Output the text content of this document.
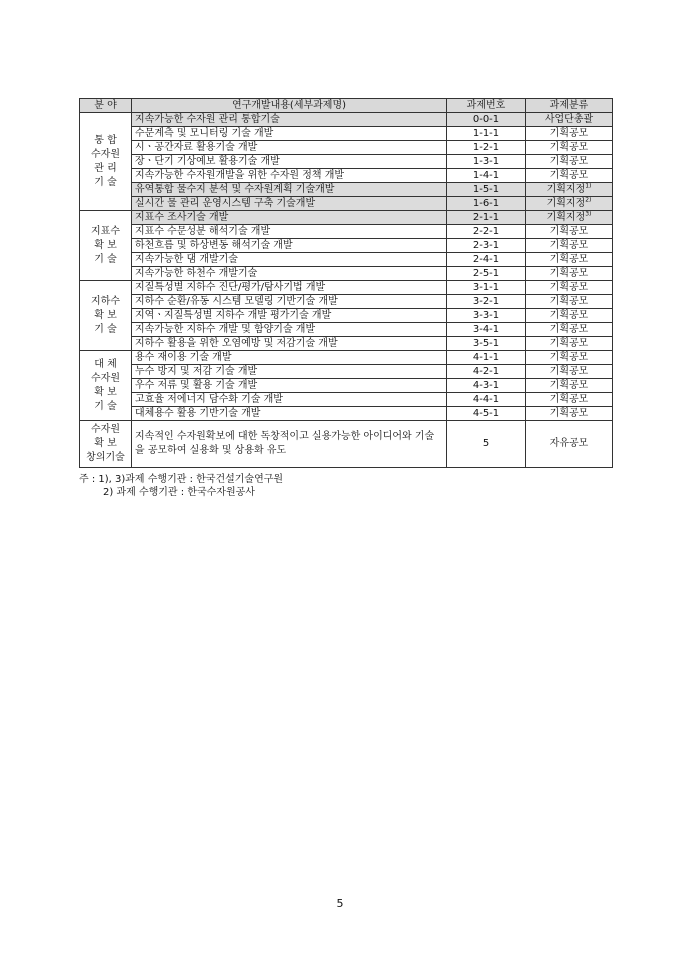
분 야	연구개발내용(세부과제명)	과제번호	과제분류
통 합
수자원
관 리
기 술	지속가능한 수자원 관리 통합기술	0-0-1	사업단총괄
	수문계측 및 모니터링 기술 개발	1-1-1	기획공모
	시ㆍ공간자료 활용기술 개발	1-2-1	기획공모
	장ㆍ단기 기상예보 활용기술 개발	1-3-1	기획공모
	지속가능한 수자원개발을 위한 수자원 정책 개발	1-4-1	기획공모
	유역통합 물수지 분석 및 수자원계획 기술개발	1-5-1	기획지정$^{1)}$
	실시간 물 관리 운영시스템 구축 기술개발	1-6-1	기획지정$^{2)}$
지표수
확 보
기 술	지표수 조사기술 개발	2-1-1	기획지정$^{3)}$
	지표수 수문성분 해석기술 개발	2-2-1	기획공모
	하천흐름 및 하상변동 해석기술 개발	2-3-1	기획공모
	지속가능한 댐 개발기술	2-4-1	기획공모
	지속가능한 하천수 개발기술	2-5-1	기획공모
지하수
확 보
기 술	지질특성별 지하수 진단/평가/탐사기법 개발	3-1-1	기획공모
	지하수 순환/유동 시스템 모델링 기반기술 개발	3-2-1	기획공모
	지역ㆍ지질특성별 지하수 개발 평가기술 개발	3-3-1	기획공모
	지속가능한 지하수 개발 및 함양기술 개발	3-4-1	기획공모
	지하수 활용을 위한 오염예방 및 저감기술 개발	3-5-1	기획공모
대 체
수자원
확 보
기 술	용수 재이용 기술 개발	4-1-1	기획공모
	누수 방지 및 저감 기술 개발	4-2-1	기획공모
	우수 저류 및 활용 기술 개발	4-3-1	기획공모
	고효율 저에너지 담수화 기술 개발	4-4-1	기획공모
	대체용수 활용 기반기술 개발	4-5-1	기획공모
수자원
확 보
창의기술	지속적인 수자원확보에 대한 독창적이고 실용가능한 아이디어와 기술을 공모하여 실용화 및 상용화 유도	5	자유공모
주 : 1), 3)과제 수행기관 : 한국건설기술연구원
2) 과제 수행기관 : 한국수자원공사
5
